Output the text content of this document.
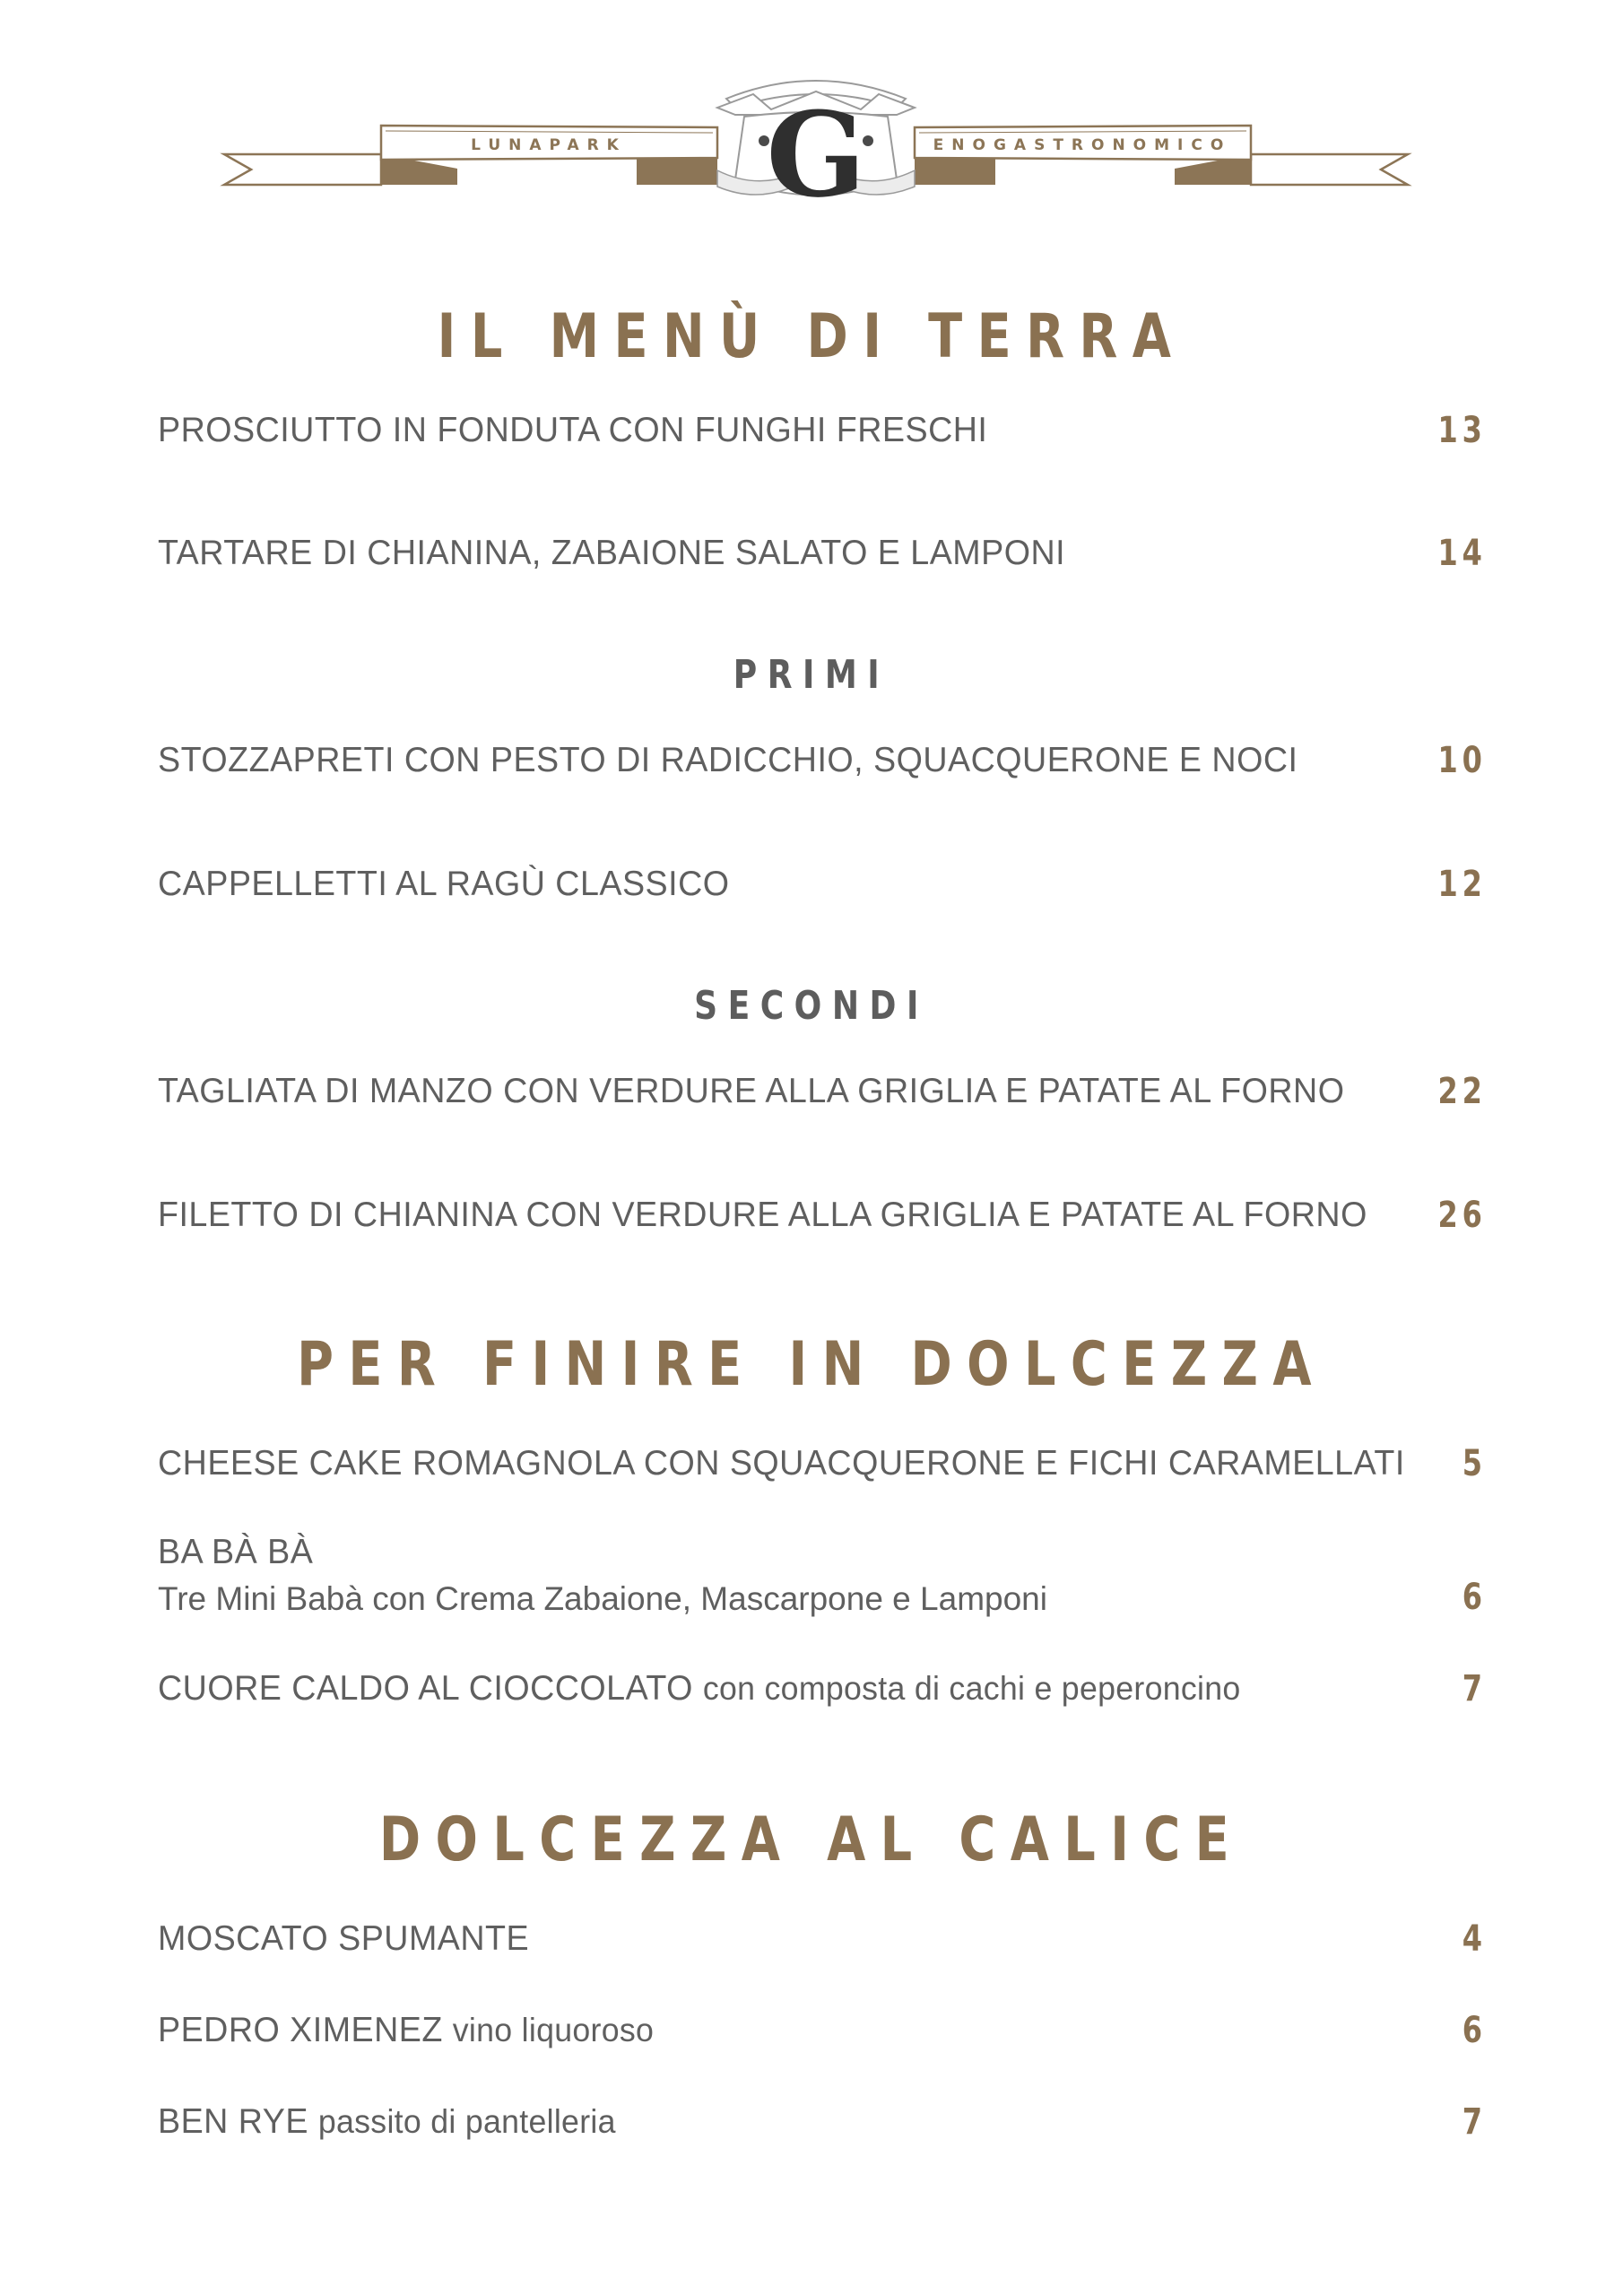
G
LUNAPARK	ENOGASTRONOMICO
IL MENÙ DI TERRA
PROSCIUTTO IN FONDUTA CON FUNGHI FRESCHI	13
TARTARE DI CHIANINA, ZABAIONE SALATO E LAMPONI	14
PRIMI
STOZZAPRETI CON PESTO DI RADICCHIO, SQUACQUERONE E NOCI	10
CAPPELLETTI AL RAGÙ CLASSICO	12
SECONDI
TAGLIATA DI MANZO CON VERDURE ALLA GRIGLIA E PATATE AL FORNO	22
FILETTO DI CHIANINA CON VERDURE ALLA GRIGLIA E PATATE AL FORNO 26
PER FINIRE IN DOLCEZZA
CHEESE CAKE ROMAGNOLA CON SQUACQUERONE E FICHI CARAMELLATI 5
BA BÀ BÀ
Tre Mini Babà con Crema Zabaione, Mascarpone e Lamponi	6
CUORE CALDO AL CIOCCOLATO con composta di cachi e peperoncino	7
DOLCEZZA AL CALICE
MOSCATO SPUMANTE	4
PEDRO XIMENEZ vino liquoroso	6
BEN RYE passito di pantelleria	7
